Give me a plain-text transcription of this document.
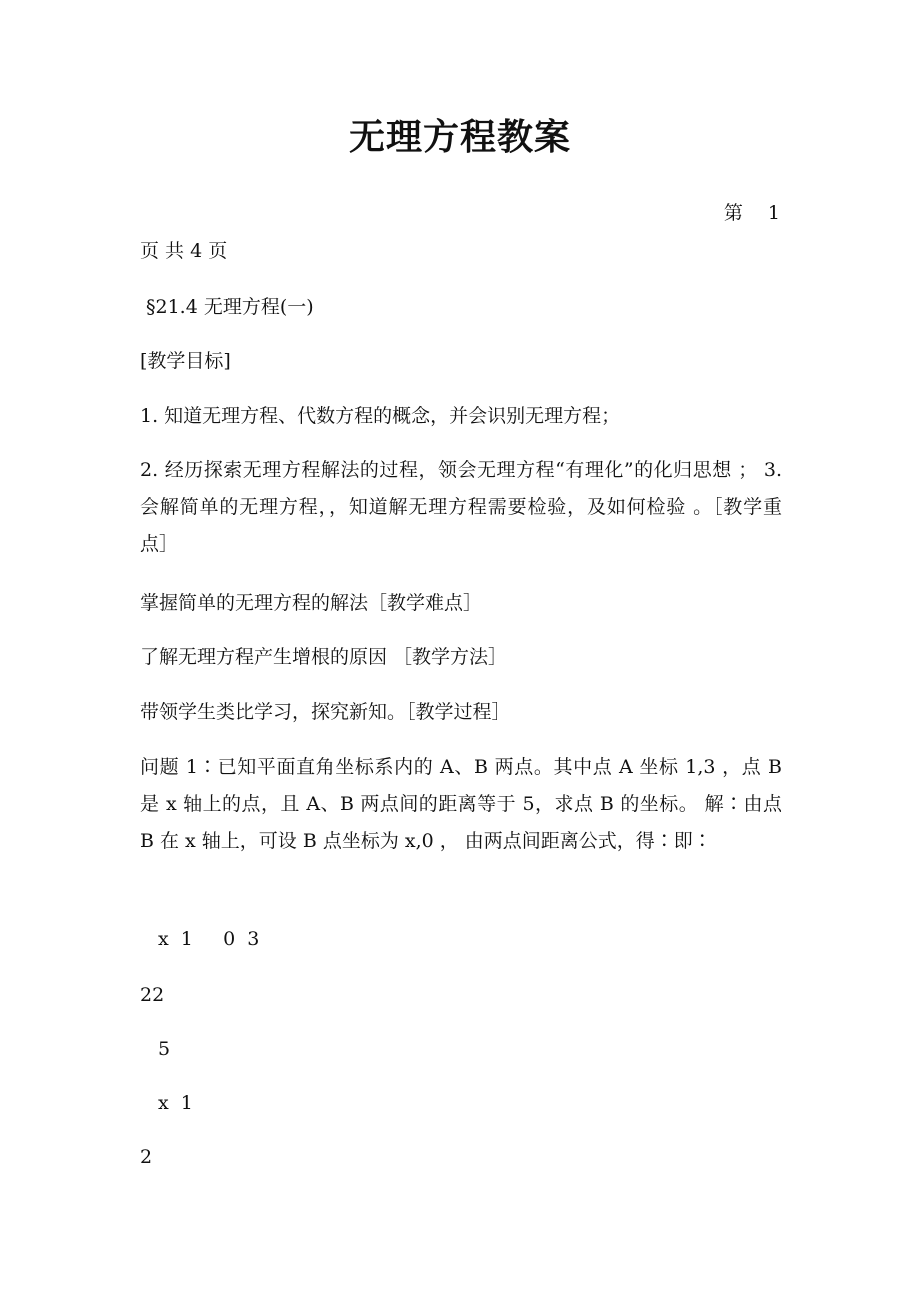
无理方程教案
第　 1
页 共 4 页
§21.4 无理方程(一)
[教学目标]
1. 知道无理方程、代数方程的概念，并会识别无理方程；
2. 经历探索无理方程解法的过程，领会无理方程“有理化”的化归思想 ； 3. 会解简单的无理方程，，知道解无理方程需要检验，及如何检验 。［教学重点］
掌握简单的无理方程的解法［教学难点］
了解无理方程产生增根的原因 ［教学方法］
带领学生类比学习，探究新知。［教学过程］
问题 1∶已知平面直角坐标系内的 A、B 两点。其中点 A 坐标 1,3 ，点 B 是 x 轴上的点，且 A、B 两点间的距离等于 5，求点 B 的坐标。 解∶由点 B 在 x 轴上，可设 B 点坐标为 x,0 ， 由两点间距离公式，得∶即∶
x  1     0  3
22
5
x  1
2
